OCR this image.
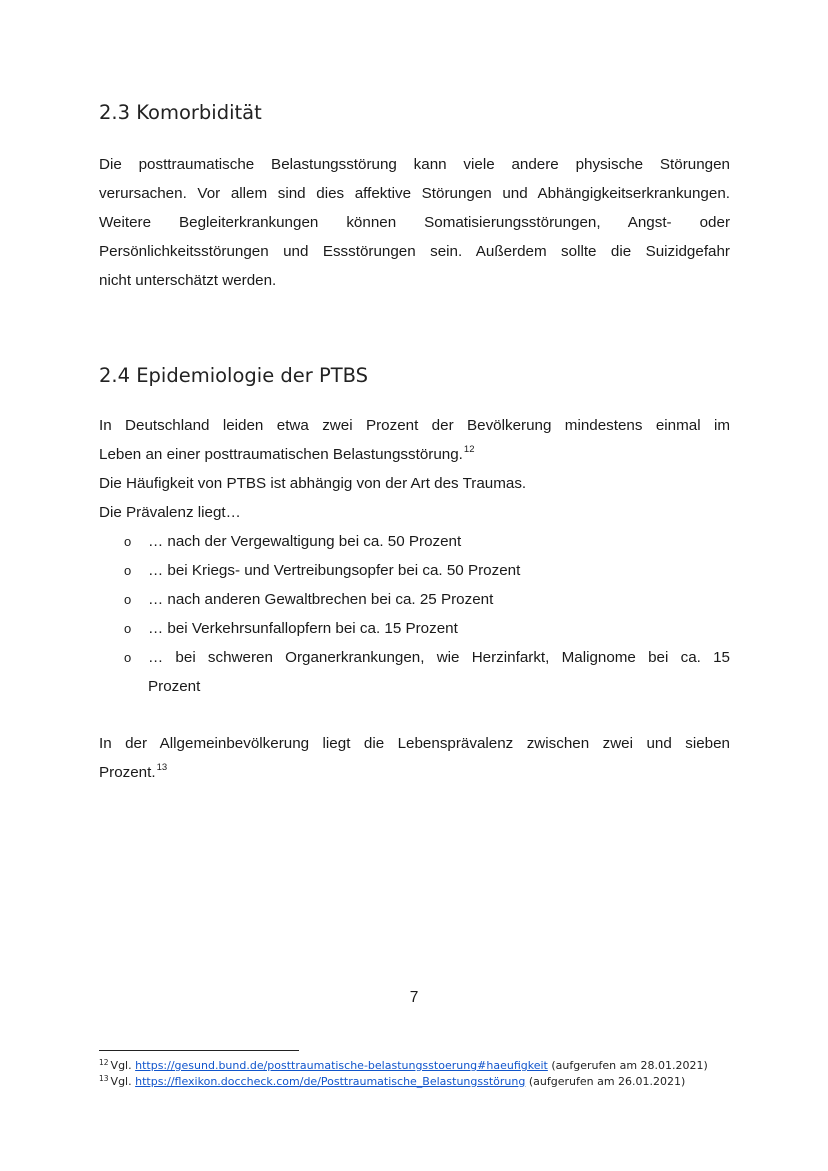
2.3 Komorbidität

Die posttraumatische Belastungsstörung kann viele andere physische Störungen
verursachen. Vor allem sind dies affektive Störungen und Abhängigkeitserkrankungen.
Weitere Begleiterkrankungen können Somatisierungsstörungen, Angst- oder
Persönlichkeitsstörungen und Essstörungen sein. Außerdem sollte die Suizidgefahr
nicht unterschätzt werden.

2.4 Epidemiologie der PTBS

In Deutschland leiden etwa zwei Prozent der Bevölkerung mindestens einmal im
Leben an einer posttraumatischen Belastungsstörung.$^{12}$

Die Häufigkeit von PTBS ist abhängig von der Art des Traumas.

Die Prävalenz liegt…

o … nach der Vergewaltigung bei ca. 50 Prozent
o … bei Kriegs- und Vertreibungsopfer bei ca. 50 Prozent
o … nach anderen Gewaltbrechen bei ca. 25 Prozent
o … bei Verkehrsunfallopfern bei ca. 15 Prozent
o … bei schweren Organerkrankungen, wie Herzinfarkt, Malignome bei ca. 15
Prozent

In der Allgemeinbevölkerung liegt die Lebensprävalenz zwischen zwei und sieben
Prozent.$^{13}$

7

$^{12}$ Vgl. https://gesund.bund.de/posttraumatische-belastungsstoerung#haeufigkeit (aufgerufen am 28.01.2021)

$^{13}$ Vgl. https://flexikon.doccheck.com/de/Posttraumatische_Belastungsstörung (aufgerufen am 26.01.2021)
